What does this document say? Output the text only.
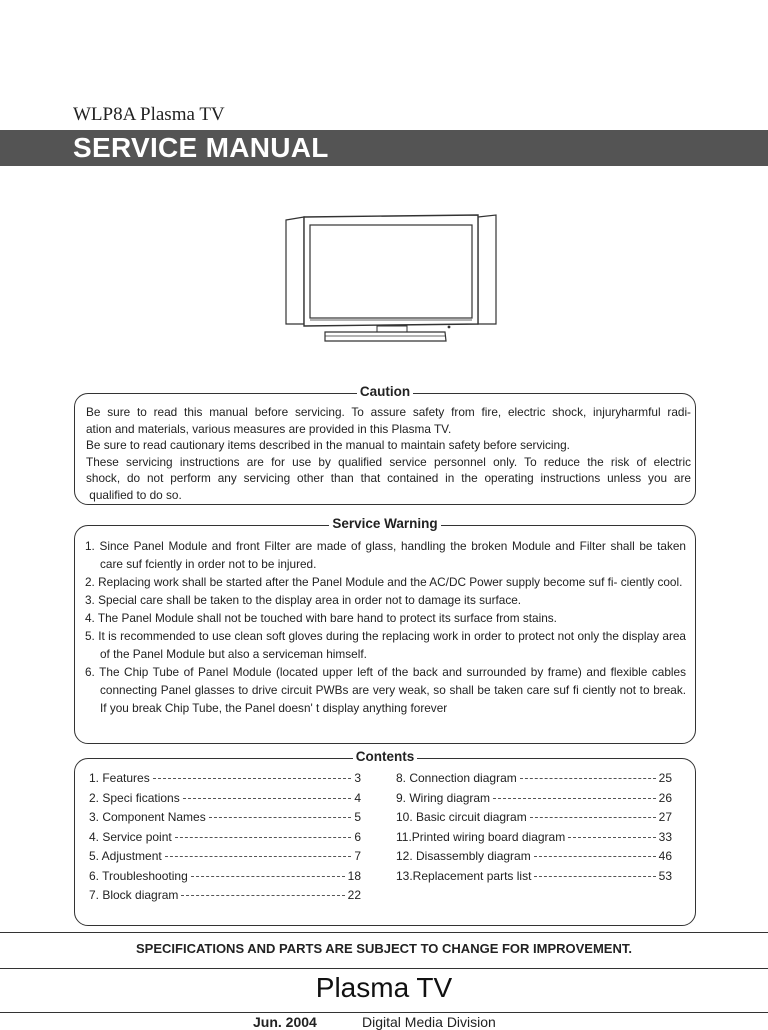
WLP8A Plasma TV
SERVICE MANUAL
Caution

Be sure to read this manual before servicing. To assure safety from fire, electric shock, injuryharmful radi-

ation and materials, various measures are provided in this Plasma TV.

Be sure to read cautionary items described in the manual to maintain safety before servicing.

These servicing instructions are for use by qualified service personnel only. To reduce the risk of electric

shock, do not perform any servicing other than that contained in the operating instructions unless you are

qualified to do so.

Service Warning
1. Since Panel Module and front Filter are made of glass, handling the broken Module and Filter shall be taken care suf fciently in order not to be injured.
2. Replacing work shall be started after the Panel Module and the AC/DC Power supply become suf fi- ciently cool.
3. Special care shall be taken to the display area in order not to damage its surface.
4. The Panel Module shall not be touched with bare hand to protect its surface from stains.
5. It is recommended to use clean soft gloves during the replacing work in order to protect not only the display area of the Panel Module but also a serviceman himself.
6. The Chip Tube of Panel Module (located upper left of the back and surrounded by frame) and flexible cables connecting Panel glasses to drive circuit PWBs are very weak, so shall be taken care suf fi ciently not to break. If you break Chip Tube, the Panel doesn' t display anything forever
Contents
1. Features	3
2. Speci fications	4
3. Component Names	5
4. Service point	6
5. Adjustment	7
6. Troubleshooting	18
7. Block diagram	22
8. Connection diagram	25
9. Wiring diagram	26
10. Basic circuit diagram	27
11.Printed wiring board diagram	33
12. Disassembly diagram	46
13.Replacement parts list	53
SPECIFICATIONS AND PARTS ARE SUBJECT TO CHANGE FOR IMPROVEMENT.
Plasma TV
Jun. 2004	Digital Media Division
